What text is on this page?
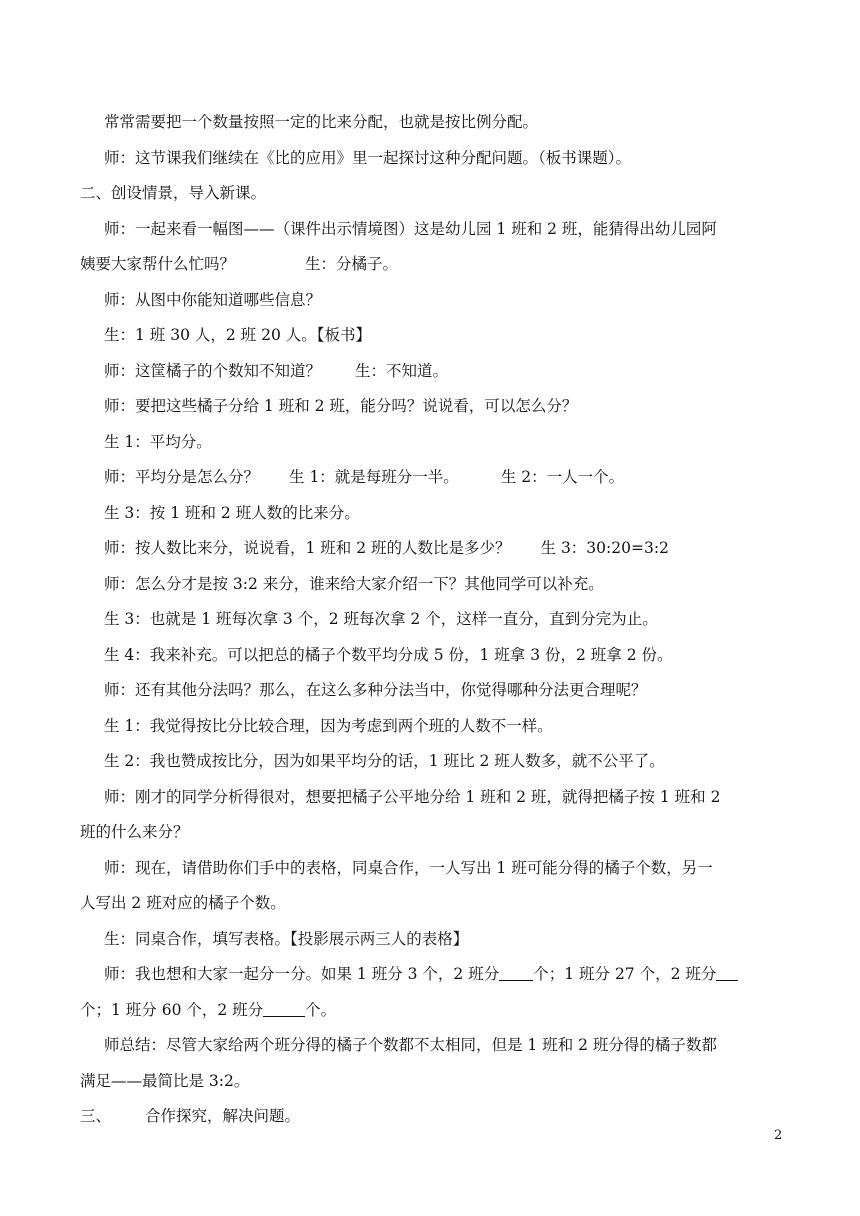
常常需要把一个数量按照一定的比来分配，也就是按比例分配。
师：这节课我们继续在《比的应用》里一起探讨这种分配问题。（板书课题）。
二、创设情景，导入新课。
师：一起来看一幅图——（课件出示情境图）这是幼儿园 1 班和 2 班，能猜得出幼儿园阿
姨要大家帮什么忙吗？	生：分橘子。
师：从图中你能知道哪些信息？
生：1 班 30 人，2 班 20 人。【板书】
师：这筐橘子的个数知不知道？ 生：不知道。
师：要把这些橘子分给 1 班和 2 班，能分吗？说说看，可以怎么分？
生 1：平均分。
师：平均分是怎么分？ 生 1：就是每班分一半。	生 2：一人一个。
生 3：按 1 班和 2 班人数的比来分。
师：按人数比来分，说说看，1 班和 2 班的人数比是多少？ 生 3：30:20=3:2
师：怎么分才是按 3:2 来分，谁来给大家介绍一下？其他同学可以补充。
生 3：也就是 1 班每次拿 3 个，2 班每次拿 2 个，这样一直分，直到分完为止。
生 4：我来补充。可以把总的橘子个数平均分成 5 份，1 班拿 3 份，2 班拿 2 份。
师：还有其他分法吗？那么，在这么多种分法当中，你觉得哪种分法更合理呢？
生 1：我觉得按比分比较合理，因为考虑到两个班的人数不一样。
生 2：我也赞成按比分，因为如果平均分的话，1 班比 2 班人数多，就不公平了。
师：刚才的同学分析得很对，想要把橘子公平地分给 1 班和 2 班，就得把橘子按 1 班和 2
班的什么来分？
师：现在，请借助你们手中的表格，同桌合作，一人写出 1 班可能分得的橘子个数，另一
人写出 2 班对应的橘子个数。
生：同桌合作，填写表格。【投影展示两三人的表格】
师：我也想和大家一起分一分。如果 1 班分 3 个，2 班分 个；1 班分 27 个，2 班分
个；1 班分 60 个，2 班分	个。
师总结：尽管大家给两个班分得的橘子个数都不太相同，但是 1 班和 2 班分得的橘子数都
满足——最简比是 3:2。
三、 合作探究，解决问题。
2
